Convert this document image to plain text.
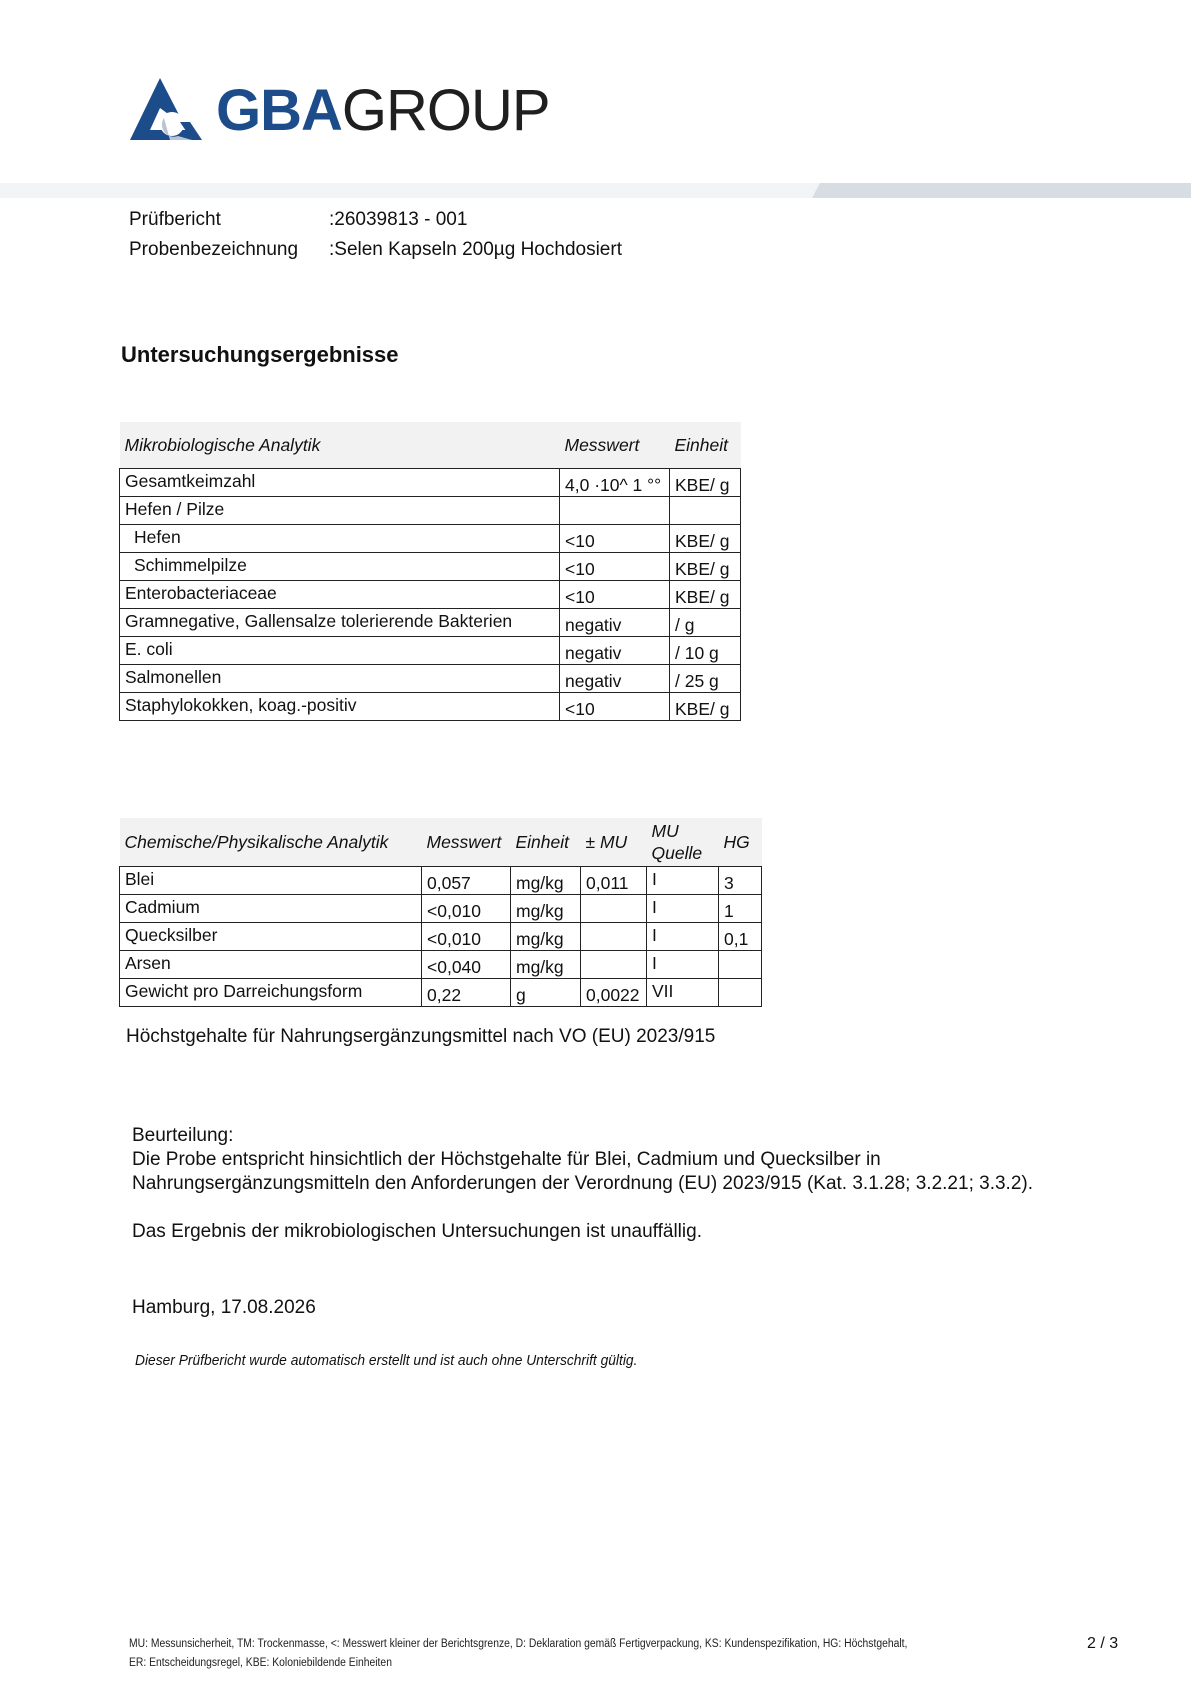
GBAGROUP
Prüfbericht	:26039813 - 001
Probenbezeichnung :Selen Kapseln 200µg Hochdosiert
Untersuchungsergebnisse
Mikrobiologische Analytik	Messwert	Einheit
Gesamtkeimzahl	4,0 ·10^ 1 °°	KBE/ g
Hefen / Pilze		
Hefen	<10	KBE/ g
Schimmelpilze	<10	KBE/ g
Enterobacteriaceae	<10	KBE/ g
Gramnegative, Gallensalze tolerierende Bakterien	negativ	/ g
E. coli	negativ	/ 10 g
Salmonellen	negativ	/ 25 g
Staphylokokken, koag.-positiv	<10	KBE/ g
Chemische/Physikalische Analytik	Messwert	Einheit	± MU	MU Quelle	HG
Blei	0,057	mg/kg	0,011	I	3
Cadmium	<0,010	mg/kg		I	1
Quecksilber	<0,010	mg/kg		I	0,1
Arsen	<0,040	mg/kg		I	
Gewicht pro Darreichungsform	0,22	g	0,0022	VII	
Höchstgehalte für Nahrungsergänzungsmittel nach VO (EU) 2023/915
Beurteilung:
Die Probe entspricht hinsichtlich der Höchstgehalte für Blei, Cadmium und Quecksilber in
Nahrungsergänzungsmitteln den Anforderungen der Verordnung (EU) 2023/915 (Kat. 3.1.28; 3.2.21; 3.3.2).
Das Ergebnis der mikrobiologischen Untersuchungen ist unauffällig.
Hamburg, 17.08.2026
Dieser Prüfbericht wurde automatisch erstellt und ist auch ohne Unterschrift gültig.
MU: Messunsicherheit, TM: Trockenmasse, <: Messwert kleiner der Berichtsgrenze, D: Deklaration gemäß Fertigverpackung, KS: Kundenspezifikation, HG: Höchstgehalt,
ER: Entscheidungsregel, KBE: Koloniebildende Einheiten
2 / 3
